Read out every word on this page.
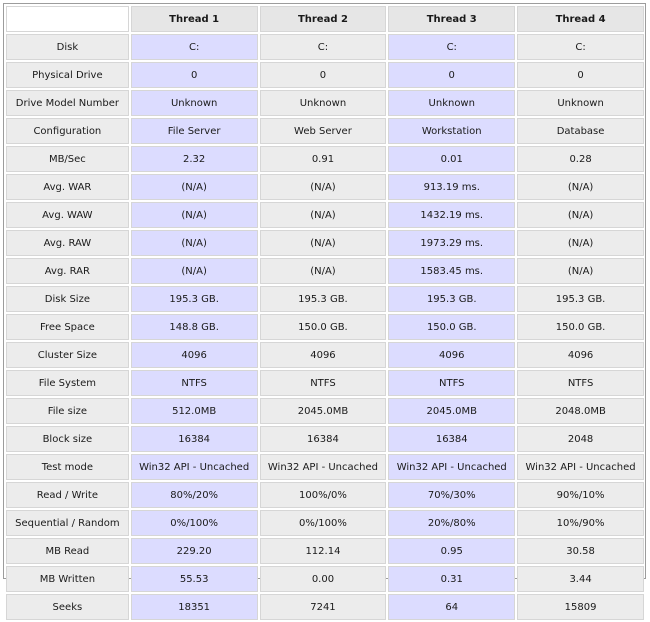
	Thread 1	Thread 2	Thread 3	Thread 4
Disk	C:	C:	C:	C:
Physical Drive	0	0	0	0
Drive Model Number	Unknown	Unknown	Unknown	Unknown
Configuration	File Server	Web Server	Workstation	Database
MB/Sec	2.32	0.91	0.01	0.28
Avg. WAR	(N/A)	(N/A)	913.19 ms.	(N/A)
Avg. WAW	(N/A)	(N/A)	1432.19 ms.	(N/A)
Avg. RAW	(N/A)	(N/A)	1973.29 ms.	(N/A)
Avg. RAR	(N/A)	(N/A)	1583.45 ms.	(N/A)
Disk Size	195.3 GB.	195.3 GB.	195.3 GB.	195.3 GB.
Free Space	148.8 GB.	150.0 GB.	150.0 GB.	150.0 GB.
Cluster Size	4096	4096	4096	4096
File System	NTFS	NTFS	NTFS	NTFS
File size	512.0MB	2045.0MB	2045.0MB	2048.0MB
Block size	16384	16384	16384	2048
Test mode	Win32 API - Uncached	Win32 API - Uncached	Win32 API - Uncached	Win32 API - Uncached
Read / Write	80%/20%	100%/0%	70%/30%	90%/10%
Sequential / Random	0%/100%	0%/100%	20%/80%	10%/90%
MB Read	229.20	112.14	0.95	30.58
MB Written	55.53	0.00	0.31	3.44
Seeks	18351	7241	64	15809
